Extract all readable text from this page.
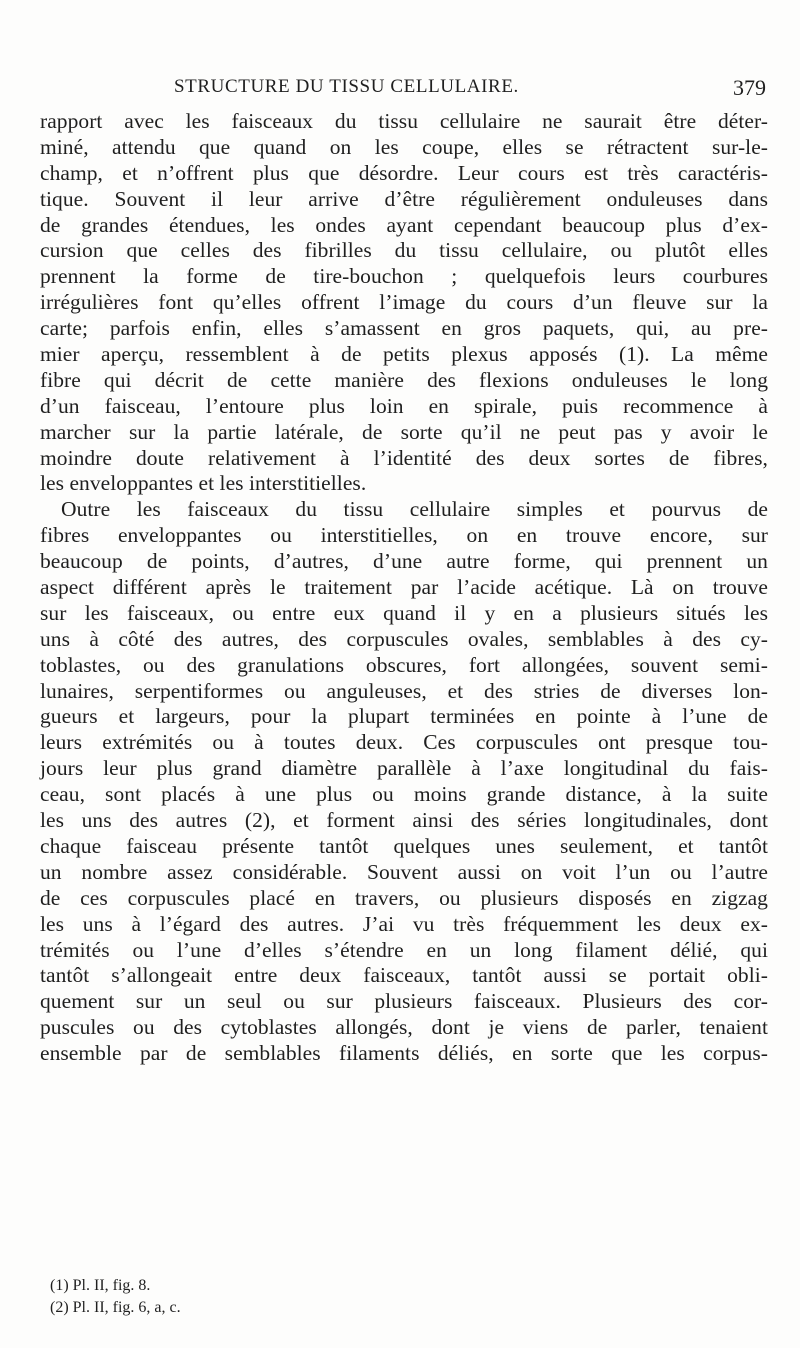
STRUCTURE DU TISSU CELLULAIRE.	379
rapport avec les faisceaux du tissu cellulaire ne saurait être déter-
miné, attendu que quand on les coupe, elles se rétractent sur-le-
champ, et n’offrent plus que désordre. Leur cours est très caractéris-
tique. Souvent il leur arrive d’être régulièrement onduleuses dans
de grandes étendues, les ondes ayant cependant beaucoup plus d’ex-
cursion que celles des fibrilles du tissu cellulaire, ou plutôt elles
prennent la forme de tire-bouchon ; quelquefois leurs courbures
irrégulières font qu’elles offrent l’image du cours d’un fleuve sur la
carte; parfois enfin, elles s’amassent en gros paquets, qui, au pre-
mier aperçu, ressemblent à de petits plexus apposés (1). La même
fibre qui décrit de cette manière des flexions onduleuses le long
d’un faisceau, l’entoure plus loin en spirale, puis recommence à
marcher sur la partie latérale, de sorte qu’il ne peut pas y avoir le
moindre doute relativement à l’identité des deux sortes de fibres,
les enveloppantes et les interstitielles.
Outre les faisceaux du tissu cellulaire simples et pourvus de
fibres enveloppantes ou interstitielles, on en trouve encore, sur
beaucoup de points, d’autres, d’une autre forme, qui prennent un
aspect différent après le traitement par l’acide acétique. Là on trouve
sur les faisceaux, ou entre eux quand il y en a plusieurs situés les
uns à côté des autres, des corpuscules ovales, semblables à des cy-
toblastes, ou des granulations obscures, fort allongées, souvent semi-
lunaires, serpentiformes ou anguleuses, et des stries de diverses lon-
gueurs et largeurs, pour la plupart terminées en pointe à l’une de
leurs extrémités ou à toutes deux. Ces corpuscules ont presque tou-
jours leur plus grand diamètre parallèle à l’axe longitudinal du fais-
ceau, sont placés à une plus ou moins grande distance, à la suite
les uns des autres (2), et forment ainsi des séries longitudinales, dont
chaque faisceau présente tantôt quelques unes seulement, et tantôt
un nombre assez considérable. Souvent aussi on voit l’un ou l’autre
de ces corpuscules placé en travers, ou plusieurs disposés en zigzag
les uns à l’égard des autres. J’ai vu très fréquemment les deux ex-
trémités ou l’une d’elles s’étendre en un long filament délié, qui
tantôt s’allongeait entre deux faisceaux, tantôt aussi se portait obli-
quement sur un seul ou sur plusieurs faisceaux. Plusieurs des cor-
puscules ou des cytoblastes allongés, dont je viens de parler, tenaient
ensemble par de semblables filaments déliés, en sorte que les corpus-
(1) Pl. II, fig. 8.
(2) Pl. II, fig. 6, a, c.
